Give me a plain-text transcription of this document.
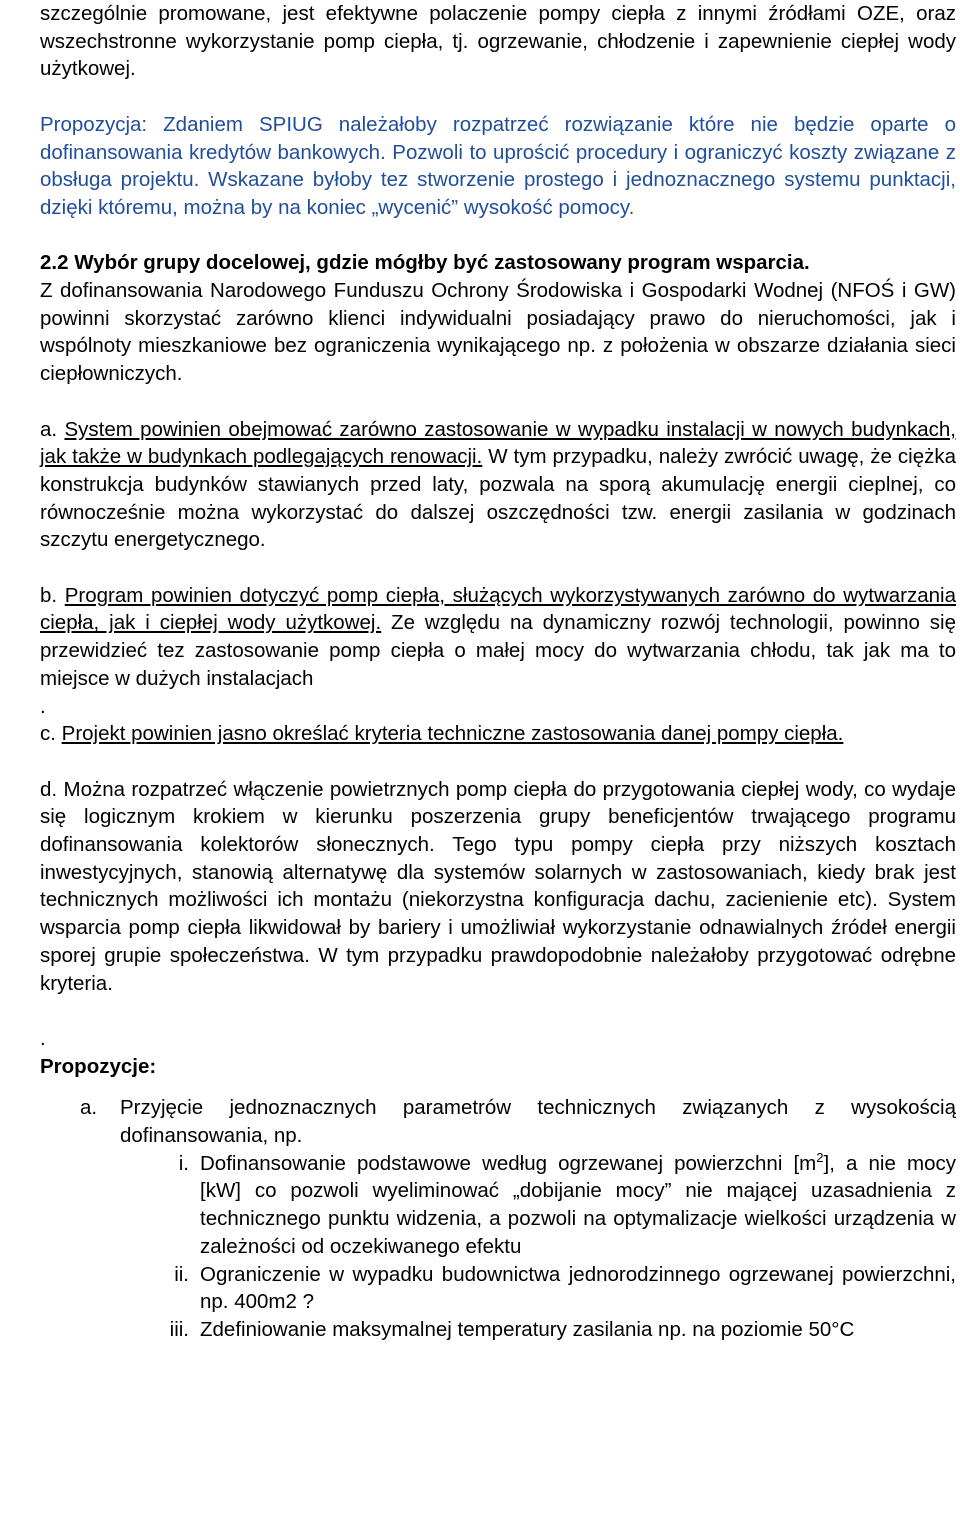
szczególnie promowane, jest efektywne polaczenie pompy ciepła z innymi źródłami OZE, oraz wszechstronne wykorzystanie pomp ciepła, tj. ogrzewanie, chłodzenie i zapewnienie ciepłej wody użytkowej.

Propozycja: Zdaniem SPIUG należałoby rozpatrzeć rozwiązanie które nie będzie oparte o dofinansowania kredytów bankowych. Pozwoli to uprościć procedury i ograniczyć koszty związane z obsługa projektu. Wskazane byłoby tez stworzenie prostego i jednoznacznego systemu punktacji, dzięki któremu, można by na koniec „wycenić” wysokość pomocy.

2.2 Wybór grupy docelowej, gdzie mógłby być zastosowany program wsparcia.

Z dofinansowania Narodowego Funduszu Ochrony Środowiska i Gospodarki Wodnej (NFOŚ i GW) powinni skorzystać zarówno klienci indywidualni posiadający prawo do nieruchomości, jak i wspólnoty mieszkaniowe bez ograniczenia wynikającego np. z położenia w obszarze działania sieci ciepłowniczych.

a. System powinien obejmować zarówno zastosowanie w wypadku instalacji w nowych budynkach, jak także w budynkach podlegających renowacji. W tym przypadku, należy zwrócić uwagę, że ciężka konstrukcja budynków stawianych przed laty, pozwala na sporą akumulację energii cieplnej, co równocześnie można wykorzystać do dalszej oszczędności tzw. energii zasilania w godzinach szczytu energetycznego.

b. Program powinien dotyczyć pomp ciepła, służących wykorzystywanych zarówno do wytwarzania ciepła, jak i ciepłej wody użytkowej. Ze względu na dynamiczny rozwój technologii, powinno się przewidzieć tez zastosowanie pomp ciepła o małej mocy do wytwarzania chłodu, tak jak ma to miejsce w dużych instalacjach

.

c. Projekt powinien jasno określać kryteria techniczne zastosowania danej pompy ciepła.

d. Można rozpatrzeć włączenie powietrznych pomp ciepła do przygotowania ciepłej wody, co wydaje się logicznym krokiem w kierunku poszerzenia grupy beneficjentów trwającego programu dofinansowania kolektorów słonecznych. Tego typu pompy ciepła przy niższych kosztach inwestycyjnych, stanowią alternatywę dla systemów solarnych w zastosowaniach, kiedy brak jest technicznych możliwości ich montażu (niekorzystna konfiguracja dachu, zacienienie etc). System wsparcia pomp ciepła likwidował by bariery i umożliwiał wykorzystanie odnawialnych źródeł energii sporej grupie społeczeństwa. W tym przypadku prawdopodobnie należałoby przygotować odrębne kryteria.

.

Propozycje:

a.	Przyjęcie jednoznacznych parametrów technicznych związanych z wysokością dofinansowania, np.
i. Dofinansowanie podstawowe według ogrzewanej powierzchni $[m^2]$, a nie mocy [kW] co pozwoli wyeliminować „dobijanie mocy” nie mającej uzasadnienia z technicznego punktu widzenia, a pozwoli na optymalizacje wielkości urządzenia w zależności od oczekiwanego efektu
ii. Ograniczenie w wypadku budownictwa jednorodzinnego ogrzewanej powierzchni, np. 400m2 ?
iii. Zdefiniowanie maksymalnej temperatury zasilania np. na poziomie 50°C
